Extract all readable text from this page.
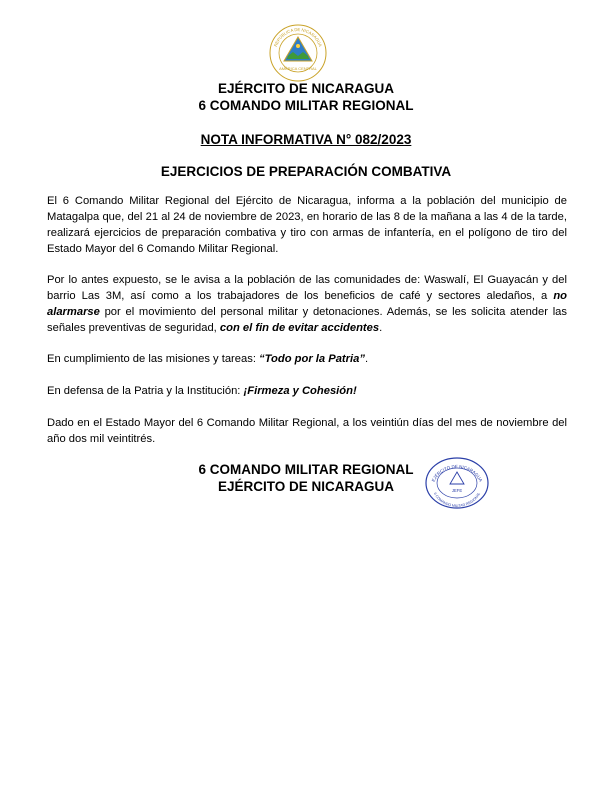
REPÚBLICA DE NICARAGUA
AMÉRICA CENTRAL
EJÉRCITO DE NICARAGUA
6 COMANDO MILITAR REGIONAL
NOTA INFORMATIVA N° 082/2023
EJERCICIOS DE PREPARACIÓN COMBATIVA

El 6 Comando Militar Regional del Ejército de Nicaragua, informa a la población del municipio de Matagalpa que, del 21 al 24 de noviembre de 2023, en horario de las 8 de la mañana a las 4 de la tarde, realizará ejercicios de preparación combativa y tiro con armas de infantería, en el polígono de tiro del Estado Mayor del 6 Comando Militar Regional.

Por lo antes expuesto, se le avisa a la población de las comunidades de: Waswalí, El Guayacán y del barrio Las 3M, así como a los trabajadores de los beneficios de café y sectores aledaños, a no alarmarse por el movimiento del personal militar y detonaciones. Además, se les solicita atender las señales preventivas de seguridad, con el fin de evitar accidentes.

En cumplimiento de las misiones y tareas: “Todo por la Patria”.

En defensa de la Patria y la Institución: ¡Firmeza y Cohesión!

Dado en el Estado Mayor del 6 Comando Militar Regional, a los veintiún días del mes de noviembre del año dos mil veintitrés.

6 COMANDO MILITAR REGIONAL
EJÉRCITO DE NICARAGUA	EJÉRCITO DE NICARAGUA
6 COMANDO MILITAR REGIONAL
JEFE
